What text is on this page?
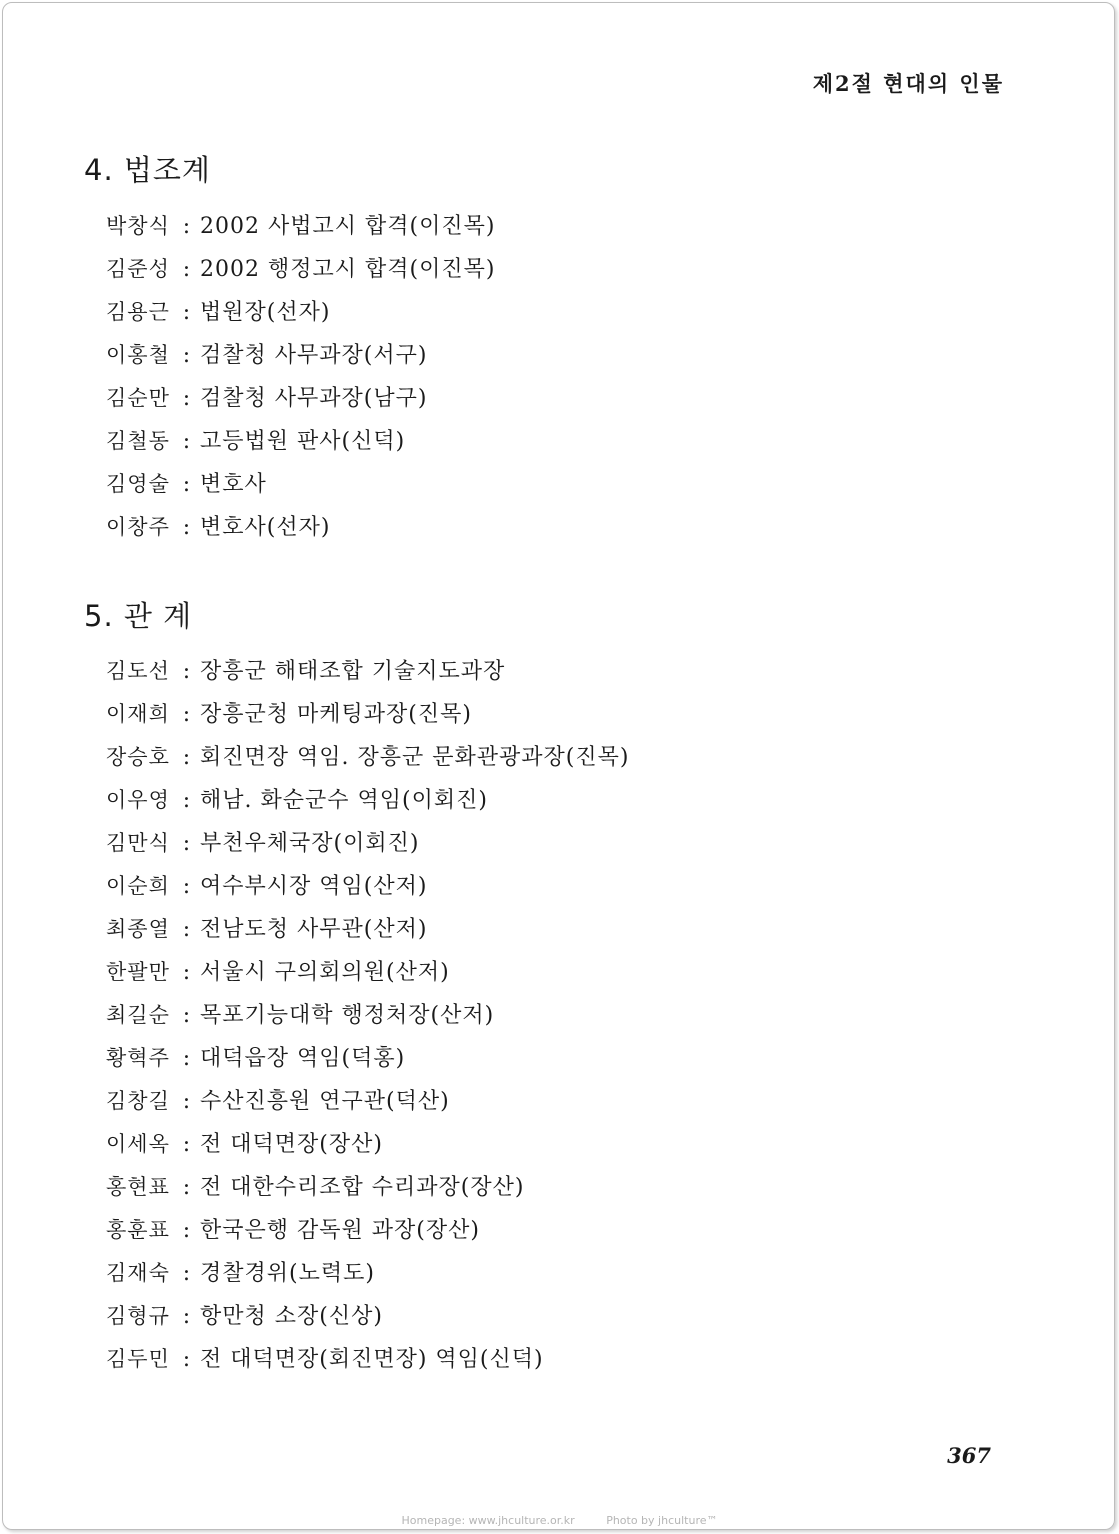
제2절 현대의 인물
4. 법조계
박창식 : 2002 사법고시 합격(이진목)
김준성 : 2002 행정고시 합격(이진목)
김용근 : 법원장(선자)
이홍철 : 검찰청 사무과장(서구)
김순만 : 검찰청 사무과장(남구)
김철동 : 고등법원 판사(신덕)
김영술 : 변호사
이창주 : 변호사(선자)
5. 관 계
김도선 : 장흥군 해태조합 기술지도과장
이재희 : 장흥군청 마케팅과장(진목)
장승호 : 회진면장 역임. 장흥군 문화관광과장(진목)
이우영 : 해남. 화순군수 역임(이회진)
김만식 : 부천우체국장(이회진)
이순희 : 여수부시장 역임(산저)
최종열 : 전남도청 사무관(산저)
한팔만 : 서울시 구의회의원(산저)
최길순 : 목포기능대학 행정처장(산저)
황혁주 : 대덕읍장 역임(덕홍)
김창길 : 수산진흥원 연구관(덕산)
이세옥 : 전 대덕면장(장산)
홍현표 : 전 대한수리조합 수리과장(장산)
홍훈표 : 한국은행 감독원 과장(장산)
김재숙 : 경찰경위(노력도)
김형규 : 항만청 소장(신상)
김두민 : 전 대덕면장(회진면장) 역임(신덕)
367
Homepage: www.jhculture.or.kr	Photo by jhculture™
